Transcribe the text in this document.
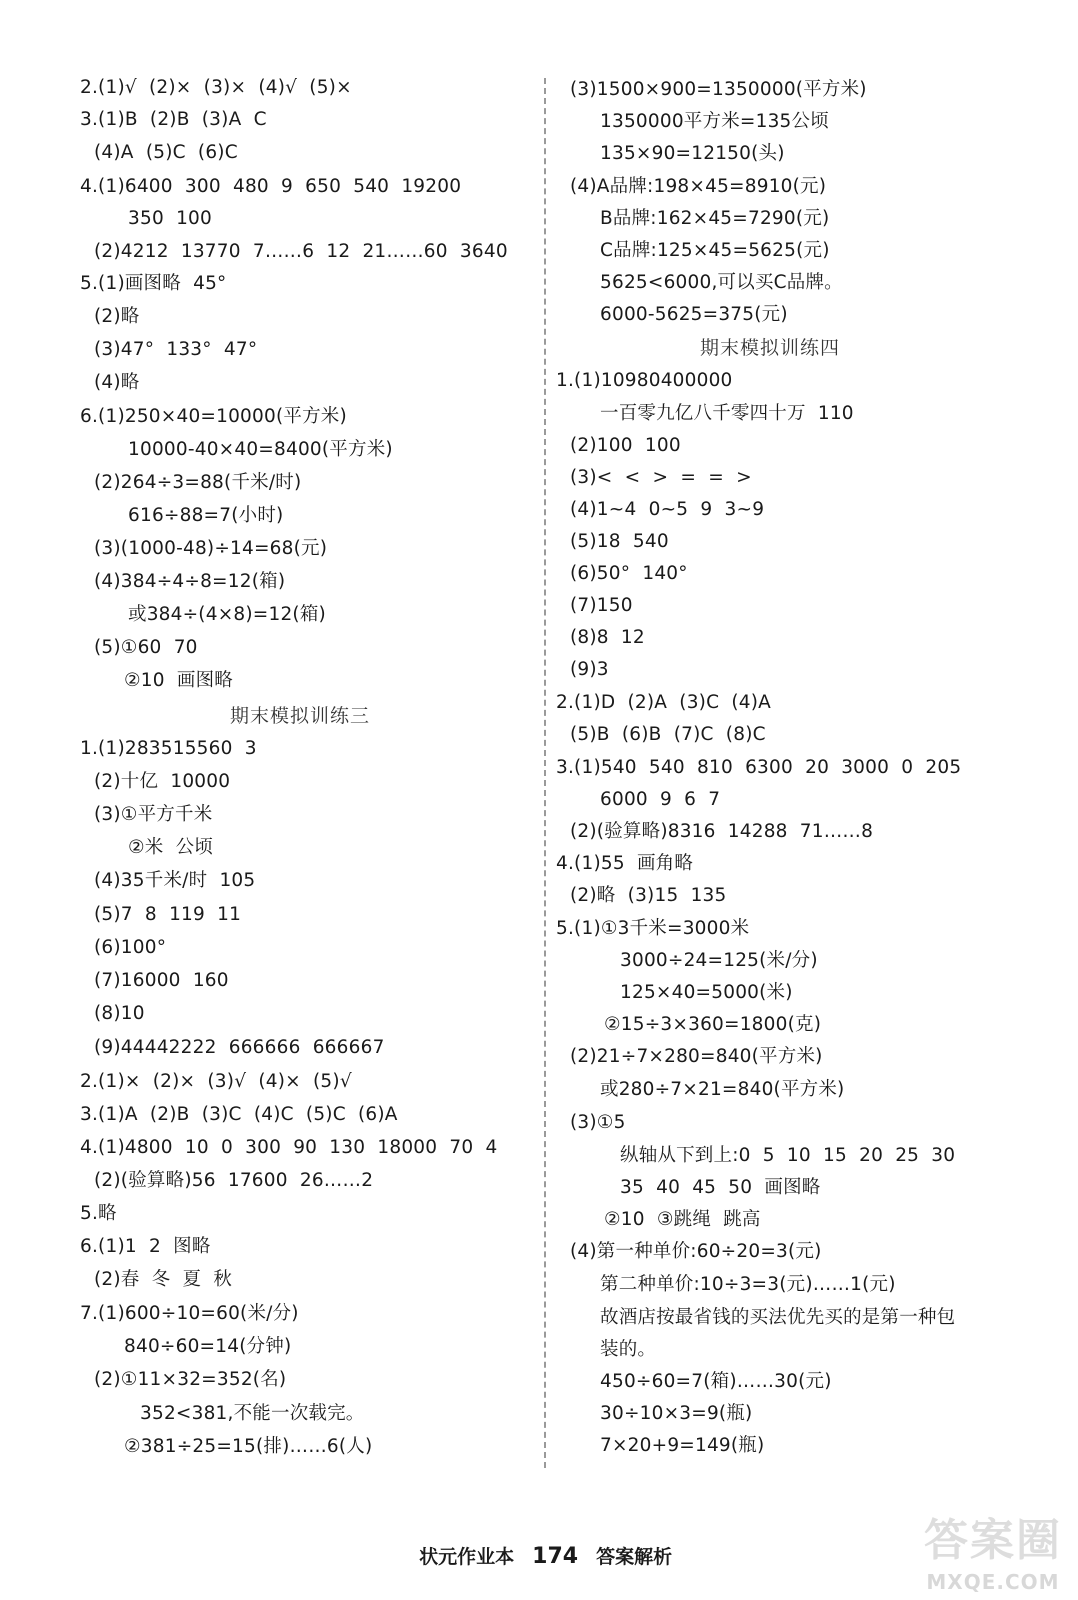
2.(1)√  (2)×  (3)×  (4)√  (5)×
3.(1)B  (2)B  (3)A  C
(4)A  (5)C  (6)C
4.(1)6400  300  480  9  650  540  19200
350  100
(2)4212  13770  7……6  12  21……60  3640
5.(1)画图略  45°
(2)略
(3)47°  133°  47°
(4)略
6.(1)250×40=10000(平方米)
10000-40×40=8400(平方米)
(2)264÷3=88(千米/时)
616÷88=7(小时)
(3)(1000-48)÷14=68(元)
(4)384÷4÷8=12(箱)
或384÷(4×8)=12(箱)
(5)①60  70
②10  画图略
期末模拟训练三
1.(1)283515560  3
(2)十亿  10000
(3)①平方千米
②米  公顷
(4)35千米/时  105
(5)7  8  119  11
(6)100°
(7)16000  160
(8)10
(9)44442222  666666  666667
2.(1)×  (2)×  (3)√  (4)×  (5)√
3.(1)A  (2)B  (3)C  (4)C  (5)C  (6)A
4.(1)4800  10  0  300  90  130  18000  70  4
(2)(验算略)56  17600  26……2
5.略
6.(1)1  2  图略
(2)春  冬  夏  秋
7.(1)600÷10=60(米/分)
840÷60=14(分钟)
(2)①11×32=352(名)
352<381,不能一次载完。
②381÷25=15(排)……6(人)
(3)1500×900=1350000(平方米)
1350000平方米=135公顷
135×90=12150(头)
(4)A品牌:198×45=8910(元)
B品牌:162×45=7290(元)
C品牌:125×45=5625(元)
5625<6000,可以买C品牌。
6000-5625=375(元)
期末模拟训练四
1.(1)10980400000
一百零九亿八千零四十万  110
(2)100  100
(3)<  <  >  =  =  >
(4)1~4  0~5  9  3~9
(5)18  540
(6)50°  140°
(7)150
(8)8  12
(9)3
2.(1)D  (2)A  (3)C  (4)A
(5)B  (6)B  (7)C  (8)C
3.(1)540  540  810  6300  20  3000  0  205
6000  9  6  7
(2)(验算略)8316  14288  71……8
4.(1)55  画角略
(2)略  (3)15  135
5.(1)①3千米=3000米
3000÷24=125(米/分)
125×40=5000(米)
②15÷3×360=1800(克)
(2)21÷7×280=840(平方米)
或280÷7×21=840(平方米)
(3)①5
纵轴从下到上:0  5  10  15  20  25  30
35  40  45  50  画图略
②10  ③跳绳  跳高
(4)第一种单价:60÷20=3(元)
第二种单价:10÷3=3(元)……1(元)
故酒店按最省钱的买法优先买的是第一种包
装的。
450÷60=7(箱)……30(元)
30÷10×3=9(瓶)
7×20+9=149(瓶)

状元作业本 174 答案解析	答案圈
MXQE.COM
